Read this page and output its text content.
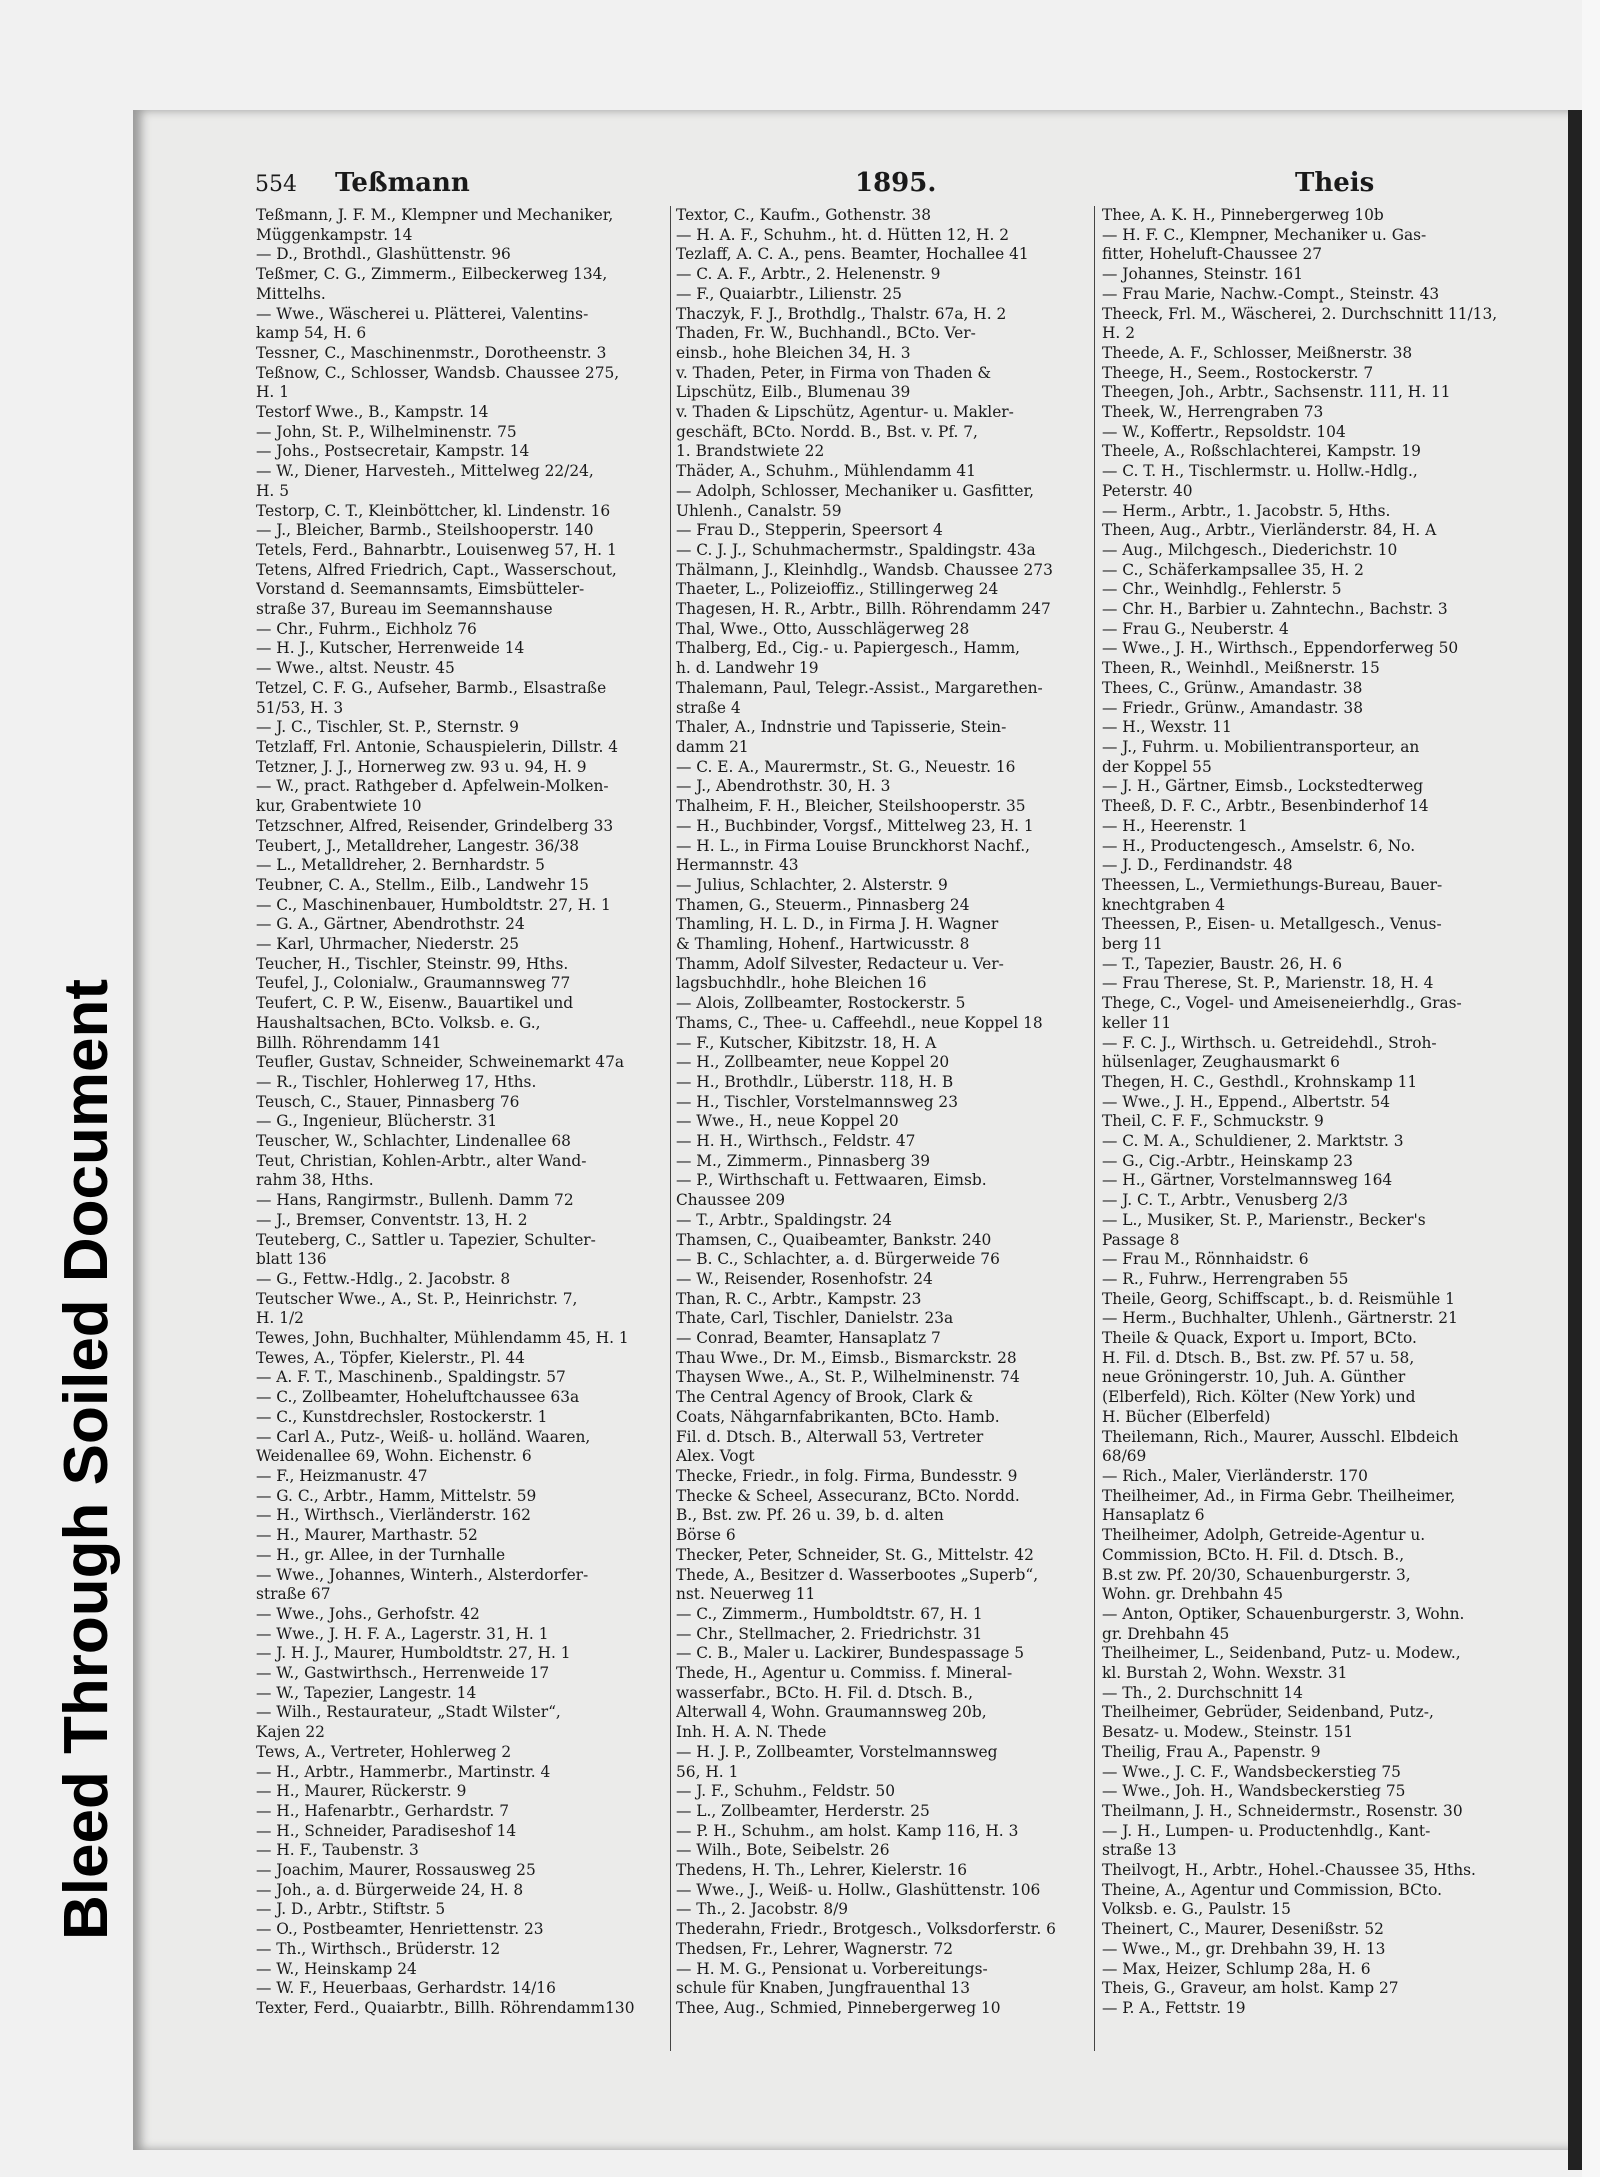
Bleed Through Soiled Document
554 Teßmann	1895.	Theis
Teßmann, J. F. M., Klempner und Mechaniker,
Müggenkampstr. 14
— D., Brothdl., Glashüttenstr. 96
Teßmer, C. G., Zimmerm., Eilbeckerweg 134,
Mittelhs.
— Wwe., Wäscherei u. Plätterei, Valentins-
kamp 54, H. 6
Tessner, C., Maschinenmstr., Dorotheenstr. 3
Teßnow, C., Schlosser, Wandsb. Chaussee 275,
H. 1
Testorf Wwe., B., Kampstr. 14
— John, St. P., Wilhelminenstr. 75
— Johs., Postsecretair, Kampstr. 14
— W., Diener, Harvesteh., Mittelweg 22/24,
H. 5
Testorp, C. T., Kleinböttcher, kl. Lindenstr. 16
— J., Bleicher, Barmb., Steilshooperstr. 140
Tetels, Ferd., Bahnarbtr., Louisenweg 57, H. 1
Tetens, Alfred Friedrich, Capt., Wasserschout,
Vorstand d. Seemannsamts, Eimsbütteler-
straße 37, Bureau im Seemannshause
— Chr., Fuhrm., Eichholz 76
— H. J., Kutscher, Herrenweide 14
— Wwe., altst. Neustr. 45
Tetzel, C. F. G., Aufseher, Barmb., Elsastraße
51/53, H. 3
— J. C., Tischler, St. P., Sternstr. 9
Tetzlaff, Frl. Antonie, Schauspielerin, Dillstr. 4
Tetzner, J. J., Hornerweg zw. 93 u. 94, H. 9
— W., pract. Rathgeber d. Apfelwein-Molken-
kur, Grabentwiete 10
Tetzschner, Alfred, Reisender, Grindelberg 33
Teubert, J., Metalldreher, Langestr. 36/38
— L., Metalldreher, 2. Bernhardstr. 5
Teubner, C. A., Stellm., Eilb., Landwehr 15
— C., Maschinenbauer, Humboldtstr. 27, H. 1
— G. A., Gärtner, Abendrothstr. 24
— Karl, Uhrmacher, Niederstr. 25
Teucher, H., Tischler, Steinstr. 99, Hths.
Teufel, J., Colonialw., Graumannsweg 77
Teufert, C. P. W., Eisenw., Bauartikel und
Haushaltsachen, BCto. Volksb. e. G.,
Billh. Röhrendamm 141
Teufler, Gustav, Schneider, Schweinemarkt 47a
— R., Tischler, Hohlerweg 17, Hths.
Teusch, C., Stauer, Pinnasberg 76
— G., Ingenieur, Blücherstr. 31
Teuscher, W., Schlachter, Lindenallee 68
Teut, Christian, Kohlen-Arbtr., alter Wand-
rahm 38, Hths.
— Hans, Rangirmstr., Bullenh. Damm 72
— J., Bremser, Conventstr. 13, H. 2
Teuteberg, C., Sattler u. Tapezier, Schulter-
blatt 136
— G., Fettw.-Hdlg., 2. Jacobstr. 8
Teutscher Wwe., A., St. P., Heinrichstr. 7,
H. 1/2
Tewes, John, Buchhalter, Mühlendamm 45, H. 1
Tewes, A., Töpfer, Kielerstr., Pl. 44
— A. F. T., Maschinenb., Spaldingstr. 57
— C., Zollbeamter, Hoheluftchaussee 63a
— C., Kunstdrechsler, Rostockerstr. 1
— Carl A., Putz-, Weiß- u. holländ. Waaren,
Weidenallee 69, Wohn. Eichenstr. 6
— F., Heizmanustr. 47
— G. C., Arbtr., Hamm, Mittelstr. 59
— H., Wirthsch., Vierländerstr. 162
— H., Maurer, Marthastr. 52
— H., gr. Allee, in der Turnhalle
— Wwe., Johannes, Winterh., Alsterdorfer-
straße 67
— Wwe., Johs., Gerhofstr. 42
— Wwe., J. H. F. A., Lagerstr. 31, H. 1
— J. H. J., Maurer, Humboldtstr. 27, H. 1
— W., Gastwirthsch., Herrenweide 17
— W., Tapezier, Langestr. 14
— Wilh., Restaurateur, „Stadt Wilster“,
Kajen 22
Tews, A., Vertreter, Hohlerweg 2
— H., Arbtr., Hammerbr., Martinstr. 4
— H., Maurer, Rückerstr. 9
— H., Hafenarbtr., Gerhardstr. 7
— H., Schneider, Paradiseshof 14
— H. F., Taubenstr. 3
— Joachim, Maurer, Rossausweg 25
— Joh., a. d. Bürgerweide 24, H. 8
— J. D., Arbtr., Stiftstr. 5
— O., Postbeamter, Henriettenstr. 23
— Th., Wirthsch., Brüderstr. 12
— W., Heinskamp 24
— W. F., Heuerbaas, Gerhardstr. 14/16
Texter, Ferd., Quaiarbtr., Billh. Röhrendamm130
Textor, C., Kaufm., Gothenstr. 38
— H. A. F., Schuhm., ht. d. Hütten 12, H. 2
Tezlaff, A. C. A., pens. Beamter, Hochallee 41
— C. A. F., Arbtr., 2. Helenenstr. 9
— F., Quaiarbtr., Lilienstr. 25
Thaczyk, F. J., Brothdlg., Thalstr. 67a, H. 2
Thaden, Fr. W., Buchhandl., BCto. Ver-
einsb., hohe Bleichen 34, H. 3
v. Thaden, Peter, in Firma von Thaden &
Lipschütz, Eilb., Blumenau 39
v. Thaden & Lipschütz, Agentur- u. Makler-
geschäft, BCto. Nordd. B., Bst. v. Pf. 7,
1. Brandstwiete 22
Thäder, A., Schuhm., Mühlendamm 41
— Adolph, Schlosser, Mechaniker u. Gasfitter,
Uhlenh., Canalstr. 59
— Frau D., Stepperin, Speersort 4
— C. J. J., Schuhmachermstr., Spaldingstr. 43a
Thälmann, J., Kleinhdlg., Wandsb. Chaussee 273
Thaeter, L., Polizeioffiz., Stillingerweg 24
Thagesen, H. R., Arbtr., Billh. Röhrendamm 247
Thal, Wwe., Otto, Ausschlägerweg 28
Thalberg, Ed., Cig.- u. Papiergesch., Hamm,
h. d. Landwehr 19
Thalemann, Paul, Telegr.-Assist., Margarethen-
straße 4
Thaler, A., Indnstrie und Tapisserie, Stein-
damm 21
— C. E. A., Maurermstr., St. G., Neuestr. 16
— J., Abendrothstr. 30, H. 3
Thalheim, F. H., Bleicher, Steilshooperstr. 35
— H., Buchbinder, Vorgsf., Mittelweg 23, H. 1
— H. L., in Firma Louise Brunckhorst Nachf.,
Hermannstr. 43
— Julius, Schlachter, 2. Alsterstr. 9
Thamen, G., Steuerm., Pinnasberg 24
Thamling, H. L. D., in Firma J. H. Wagner
& Thamling, Hohenf., Hartwicusstr. 8
Thamm, Adolf Silvester, Redacteur u. Ver-
lagsbuchhdlr., hohe Bleichen 16
— Alois, Zollbeamter, Rostockerstr. 5
Thams, C., Thee- u. Caffeehdl., neue Koppel 18
— F., Kutscher, Kibitzstr. 18, H. A
— H., Zollbeamter, neue Koppel 20
— H., Brothdlr., Lüberstr. 118, H. B
— H., Tischler, Vorstelmannsweg 23
— Wwe., H., neue Koppel 20
— H. H., Wirthsch., Feldstr. 47
— M., Zimmerm., Pinnasberg 39
— P., Wirthschaft u. Fettwaaren, Eimsb.
Chaussee 209
— T., Arbtr., Spaldingstr. 24
Thamsen, C., Quaibeamter, Bankstr. 240
— B. C., Schlachter, a. d. Bürgerweide 76
— W., Reisender, Rosenhofstr. 24
Than, R. C., Arbtr., Kampstr. 23
Thate, Carl, Tischler, Danielstr. 23a
— Conrad, Beamter, Hansaplatz 7
Thau Wwe., Dr. M., Eimsb., Bismarckstr. 28
Thaysen Wwe., A., St. P., Wilhelminenstr. 74
The Central Agency of Brook, Clark &
Coats, Nähgarnfabrikanten, BCto. Hamb.
Fil. d. Dtsch. B., Alterwall 53, Vertreter
Alex. Vogt
Thecke, Friedr., in folg. Firma, Bundesstr. 9
Thecke & Scheel, Assecuranz, BCto. Nordd.
B., Bst. zw. Pf. 26 u. 39, b. d. alten
Börse 6
Thecker, Peter, Schneider, St. G., Mittelstr. 42
Thede, A., Besitzer d. Wasserbootes „Superb“,
nst. Neuerweg 11
— C., Zimmerm., Humboldtstr. 67, H. 1
— Chr., Stellmacher, 2. Friedrichstr. 31
— C. B., Maler u. Lackirer, Bundespassage 5
Thede, H., Agentur u. Commiss. f. Mineral-
wasserfabr., BCto. H. Fil. d. Dtsch. B.,
Alterwall 4, Wohn. Graumannsweg 20b,
Inh. H. A. N. Thede
— H. J. P., Zollbeamter, Vorstelmannsweg
56, H. 1
— J. F., Schuhm., Feldstr. 50
— L., Zollbeamter, Herderstr. 25
— P. H., Schuhm., am holst. Kamp 116, H. 3
— Wilh., Bote, Seibelstr. 26
Thedens, H. Th., Lehrer, Kielerstr. 16
— Wwe., J., Weiß- u. Hollw., Glashüttenstr. 106
— Th., 2. Jacobstr. 8/9
Thederahn, Friedr., Brotgesch., Volksdorferstr. 6
Thedsen, Fr., Lehrer, Wagnerstr. 72
— H. M. G., Pensionat u. Vorbereitungs-
schule für Knaben, Jungfrauenthal 13
Thee, Aug., Schmied, Pinnebergerweg 10
Thee, A. K. H., Pinnebergerweg 10b
— H. F. C., Klempner, Mechaniker u. Gas-
fitter, Hoheluft-Chaussee 27
— Johannes, Steinstr. 161
— Frau Marie, Nachw.-Compt., Steinstr. 43
Theeck, Frl. M., Wäscherei, 2. Durchschnitt 11/13,
H. 2
Theede, A. F., Schlosser, Meißnerstr. 38
Theege, H., Seem., Rostockerstr. 7
Theegen, Joh., Arbtr., Sachsenstr. 111, H. 11
Theek, W., Herrengraben 73
— W., Koffertr., Repsoldstr. 104
Theele, A., Roßschlachterei, Kampstr. 19
— C. T. H., Tischlermstr. u. Hollw.-Hdlg.,
Peterstr. 40
— Herm., Arbtr., 1. Jacobstr. 5, Hths.
Theen, Aug., Arbtr., Vierländerstr. 84, H. A
— Aug., Milchgesch., Diederichstr. 10
— C., Schäferkampsallee 35, H. 2
— Chr., Weinhdlg., Fehlerstr. 5
— Chr. H., Barbier u. Zahntechn., Bachstr. 3
— Frau G., Neuberstr. 4
— Wwe., J. H., Wirthsch., Eppendorferweg 50
Theen, R., Weinhdl., Meißnerstr. 15
Thees, C., Grünw., Amandastr. 38
— Friedr., Grünw., Amandastr. 38
— H., Wexstr. 11
— J., Fuhrm. u. Mobilientransporteur, an
der Koppel 55
— J. H., Gärtner, Eimsb., Lockstedterweg
Theeß, D. F. C., Arbtr., Besenbinderhof 14
— H., Heerenstr. 1
— H., Productengesch., Amselstr. 6, No.
— J. D., Ferdinandstr. 48
Theessen, L., Vermiethungs-Bureau, Bauer-
knechtgraben 4
Theessen, P., Eisen- u. Metallgesch., Venus-
berg 11
— T., Tapezier, Baustr. 26, H. 6
— Frau Therese, St. P., Marienstr. 18, H. 4
Thege, C., Vogel- und Ameiseneierhdlg., Gras-
keller 11
— F. C. J., Wirthsch. u. Getreidehdl., Stroh-
hülsenlager, Zeughausmarkt 6
Thegen, H. C., Gesthdl., Krohnskamp 11
— Wwe., J. H., Eppend., Albertstr. 54
Theil, C. F. F., Schmuckstr. 9
— C. M. A., Schuldiener, 2. Marktstr. 3
— G., Cig.-Arbtr., Heinskamp 23
— H., Gärtner, Vorstelmannsweg 164
— J. C. T., Arbtr., Venusberg 2/3
— L., Musiker, St. P., Marienstr., Becker's
Passage 8
— Frau M., Rönnhaidstr. 6
— R., Fuhrw., Herrengraben 55
Theile, Georg, Schiffscapt., b. d. Reismühle 1
— Herm., Buchhalter, Uhlenh., Gärtnerstr. 21
Theile & Quack, Export u. Import, BCto.
H. Fil. d. Dtsch. B., Bst. zw. Pf. 57 u. 58,
neue Gröningerstr. 10, Juh. A. Günther
(Elberfeld), Rich. Költer (New York) und
H. Bücher (Elberfeld)
Theilemann, Rich., Maurer, Ausschl. Elbdeich
68/69
— Rich., Maler, Vierländerstr. 170
Theilheimer, Ad., in Firma Gebr. Theilheimer,
Hansaplatz 6
Theilheimer, Adolph, Getreide-Agentur u.
Commission, BCto. H. Fil. d. Dtsch. B.,
B.st zw. Pf. 20/30, Schauenburgerstr. 3,
Wohn. gr. Drehbahn 45
— Anton, Optiker, Schauenburgerstr. 3, Wohn.
gr. Drehbahn 45
Theilheimer, L., Seidenband, Putz- u. Modew.,
kl. Burstah 2, Wohn. Wexstr. 31
— Th., 2. Durchschnitt 14
Theilheimer, Gebrüder, Seidenband, Putz-,
Besatz- u. Modew., Steinstr. 151
Theilig, Frau A., Papenstr. 9
— Wwe., J. C. F., Wandsbeckerstieg 75
— Wwe., Joh. H., Wandsbeckerstieg 75
Theilmann, J. H., Schneidermstr., Rosenstr. 30
— J. H., Lumpen- u. Productenhdlg., Kant-
straße 13
Theilvogt, H., Arbtr., Hohel.-Chaussee 35, Hths.
Theine, A., Agentur und Commission, BCto.
Volksb. e. G., Paulstr. 15
Theinert, C., Maurer, Desenißstr. 52
— Wwe., M., gr. Drehbahn 39, H. 13
— Max, Heizer, Schlump 28a, H. 6
Theis, G., Graveur, am holst. Kamp 27
— P. A., Fettstr. 19
